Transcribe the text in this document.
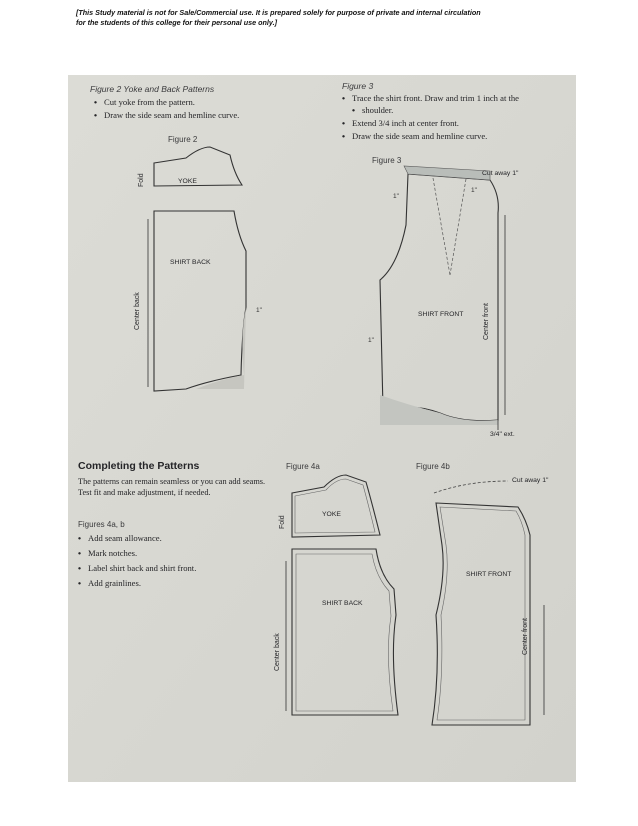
[This Study material is not for Sale/Commercial use. It is prepared solely for purpose of private and internal circulation
for the students of this college for their personal use only.]
Figure 2 Yoke and Back Patterns
• Cut yoke from the pattern.
• Draw the side seam and hemline curve.
Figure 2
Fold	YOKE
SHIRT BACK
Center back	1"
Figure 3
• Trace the shirt front. Draw and trim 1 inch at the
• shoulder.
• Extend 3/4 inch at center front.
• Draw the side seam and hemline curve.
Figure 3
Cut away 1"
1"
1"
1"
SHIRT FRONT	Center front
3/4" ext.
Completing the Patterns
The patterns can remain seamless or you can add seams. Test fit and make adjustment, if needed.
Figures 4a, b
• Add seam allowance.
• Mark notches.
• Label shirt back and shirt front.
• Add grainlines.
Figure 4a
Fold
YOKE
SHIRT BACK
Center back
Figure 4b
Cut away 1"
SHIRT FRONT
Center front
